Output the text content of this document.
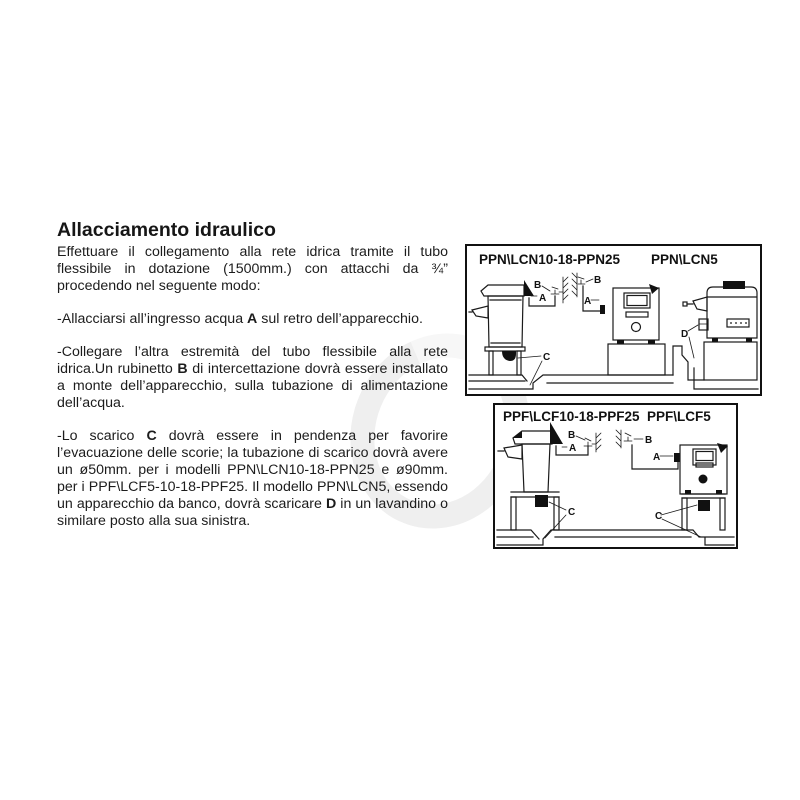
Allacciamento idraulico

Effettuare il collegamento alla rete idrica tramite il tubo flessibile in dotazione (1500mm.) con attacchi da ¾” procedendo nel seguente modo:

-Allacciarsi all’ingresso acqua A sul retro dell’apparecchio.

-Collegare l’altra estremità del tubo flessibile alla rete idrica.Un rubinetto B di intercettazione dovrà essere installato a monte dell’apparecchio, sulla tubazione di alimentazione dell’acqua.

-Lo scarico C dovrà essere in pendenza per favorire l’evacuazione delle scorie; la tubazione di scarico dovrà avere un ø50mm. per i modelli PPN\LCN10-18-PPN25 e ø90mm. per i PPF\LCF5-10-18-PPF25. Il modello PPN\LCN5, essendo un apparecchio da banco, dovrà scaricare D in un lavandino o similare posto alla sua sinistra.

PPN\LCN10-18-PPN25 PPN\LCN5
B
A
C
B
A
D
PPF\LCF10-18-PPF25 PPF\LCF5
B
A
C
B
A
C
